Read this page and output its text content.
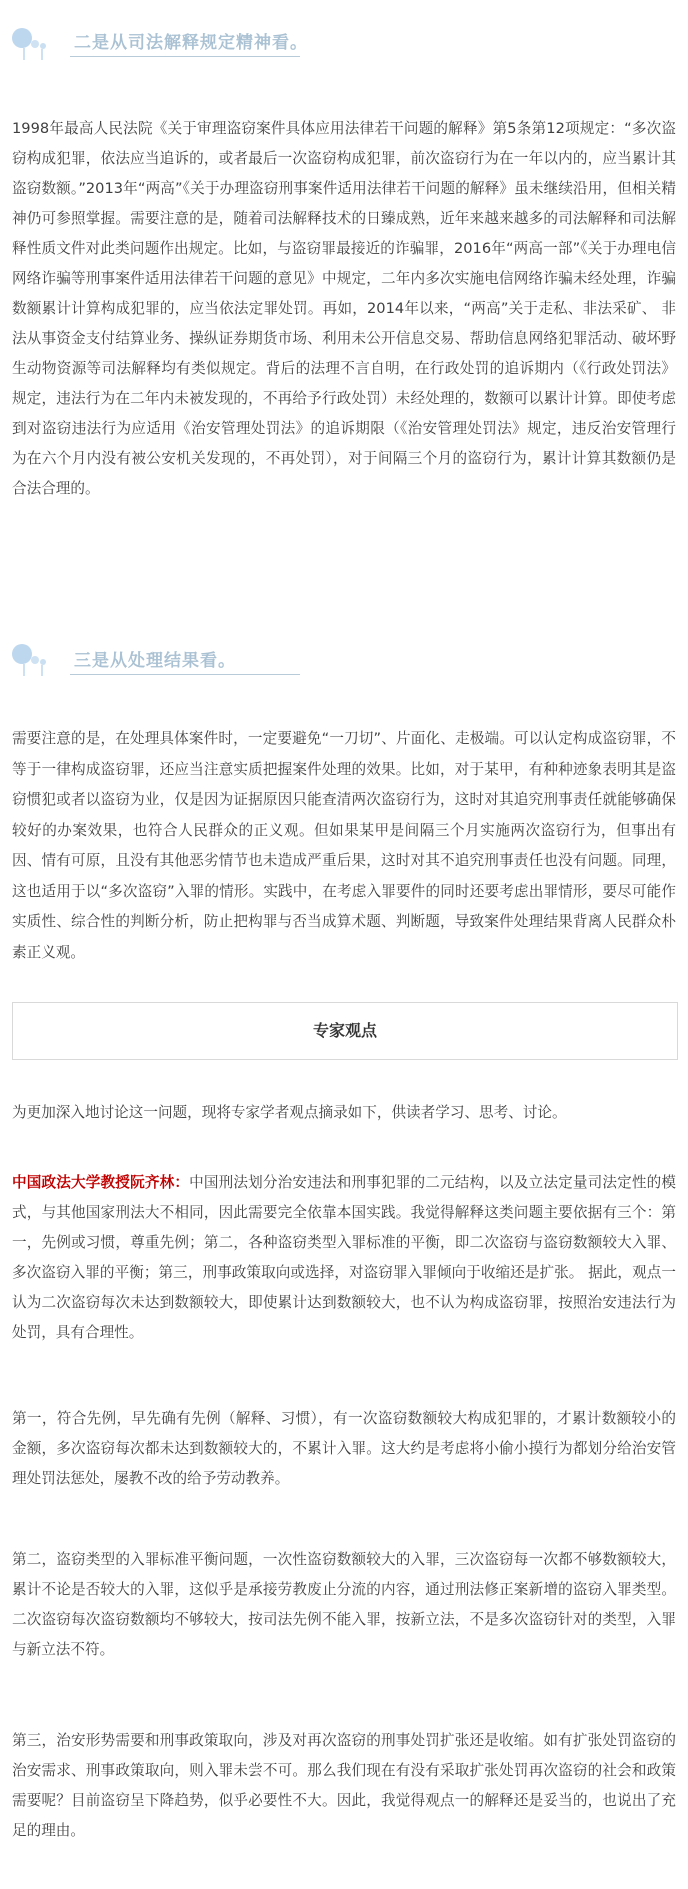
二是从司法解释规定精神看。
1998年最高人民法院《关于审理盗窃案件具体应用法律若干问题的解释》第5条第12项规定：“多次盗窃构成犯罪，依法应当追诉的，或者最后一次盗窃构成犯罪，前次盗窃行为在一年以内的，应当累计其盗窃数额。”2013年“两高”《关于办理盗窃刑事案件适用法律若干问题的解释》虽未继续沿用，但相关精神仍可参照掌握。需要注意的是，随着司法解释技术的日臻成熟，近年来越来越多的司法解释和司法解释性质文件对此类问题作出规定。比如，与盗窃罪最接近的诈骗罪，2016年“两高一部”《关于办理电信网络诈骗等刑事案件适用法律若干问题的意见》中规定，二年内多次实施电信网络诈骗未经处理，诈骗数额累计计算构成犯罪的，应当依法定罪处罚。再如，2014年以来，“两高”关于走私、非法采矿、 非法从事资金支付结算业务、操纵证券期货市场、利用未公开信息交易、帮助信息网络犯罪活动、破坏野生动物资源等司法解释均有类似规定。背后的法理不言自明，在行政处罚的追诉期内（《行政处罚法》 规定，违法行为在二年内未被发现的，不再给予行政处罚）未经处理的，数额可以累计计算。即使考虑到对盗窃违法行为应适用《治安管理处罚法》的追诉期限（《治安管理处罚法》规定，违反治安管理行为在六个月内没有被公安机关发现的，不再处罚），对于间隔三个月的盗窃行为，累计计算其数额仍是合法合理的。
三是从处理结果看。
需要注意的是，在处理具体案件时，一定要避免“一刀切”、片面化、走极端。可以认定构成盗窃罪，不等于一律构成盗窃罪，还应当注意实质把握案件处理的效果。比如，对于某甲，有种种迹象表明其是盗窃惯犯或者以盗窃为业，仅是因为证据原因只能查清两次盗窃行为，这时对其追究刑事责任就能够确保较好的办案效果，也符合人民群众的正义观。但如果某甲是间隔三个月实施两次盗窃行为，但事出有因、情有可原，且没有其他恶劣情节也未造成严重后果，这时对其不追究刑事责任也没有问题。同理，这也适用于以“多次盗窃”入罪的情形。实践中，在考虑入罪要件的同时还要考虑出罪情形，要尽可能作实质性、综合性的判断分析，防止把构罪与否当成算术题、判断题，导致案件处理结果背离人民群众朴素正义观。
专家观点
为更加深入地讨论这一问题，现将专家学者观点摘录如下，供读者学习、思考、讨论。
中国政法大学教授阮齐林：中国刑法划分治安违法和刑事犯罪的二元结构，以及立法定量司法定性的模式，与其他国家刑法大不相同，因此需要完全依靠本国实践。我觉得解释这类问题主要依据有三个：第一，先例或习惯，尊重先例；第二，各种盗窃类型入罪标准的平衡，即二次盗窃与盗窃数额较大入罪、多次盗窃入罪的平衡；第三，刑事政策取向或选择，对盗窃罪入罪倾向于收缩还是扩张。 据此，观点一认为二次盗窃每次未达到数额较大，即使累计达到数额较大，也不认为构成盗窃罪，按照治安违法行为处罚，具有合理性。
第一，符合先例，早先确有先例（解释、习惯），有一次盗窃数额较大构成犯罪的，才累计数额较小的金额，多次盗窃每次都未达到数额较大的，不累计入罪。这大约是考虑将小偷小摸行为都划分给治安管理处罚法惩处，屡教不改的给予劳动教养。
第二，盗窃类型的入罪标准平衡问题，一次性盗窃数额较大的入罪，三次盗窃每一次都不够数额较大，累计不论是否较大的入罪，这似乎是承接劳教废止分流的内容，通过刑法修正案新增的盗窃入罪类型。二次盗窃每次盗窃数额均不够较大，按司法先例不能入罪，按新立法，不是多次盗窃针对的类型，入罪与新立法不符。
第三，治安形势需要和刑事政策取向，涉及对再次盗窃的刑事处罚扩张还是收缩。如有扩张处罚盗窃的治安需求、刑事政策取向，则入罪未尝不可。那么我们现在有没有采取扩张处罚再次盗窃的社会和政策需要呢？目前盗窃呈下降趋势，似乎必要性不大。因此，我觉得观点一的解释还是妥当的，也说出了充足的理由。
